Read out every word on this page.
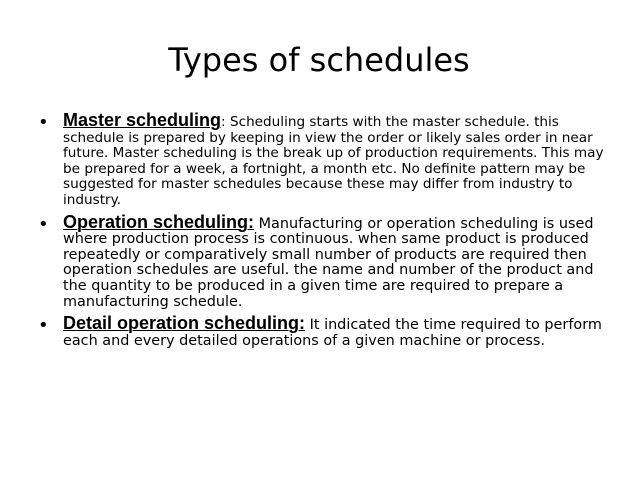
Types of schedules
• Master scheduling: Scheduling starts with the master schedule. this schedule is prepared by keeping in view the order or likely sales order in near future. Master scheduling is the break up of production requirements. This may be prepared for a week, a fortnight, a month etc. No definite pattern may be suggested for master schedules because these may differ from industry to industry.
• Operation scheduling: Manufacturing or operation scheduling is used where production process is continuous. when same product is produced repeatedly or comparatively small number of products are required then operation schedules are useful. the name and number of the product and the quantity to be produced in a given time are required to prepare a manufacturing schedule.
• Detail operation scheduling: It indicated the time required to perform each and every detailed operations of a given machine or process.
